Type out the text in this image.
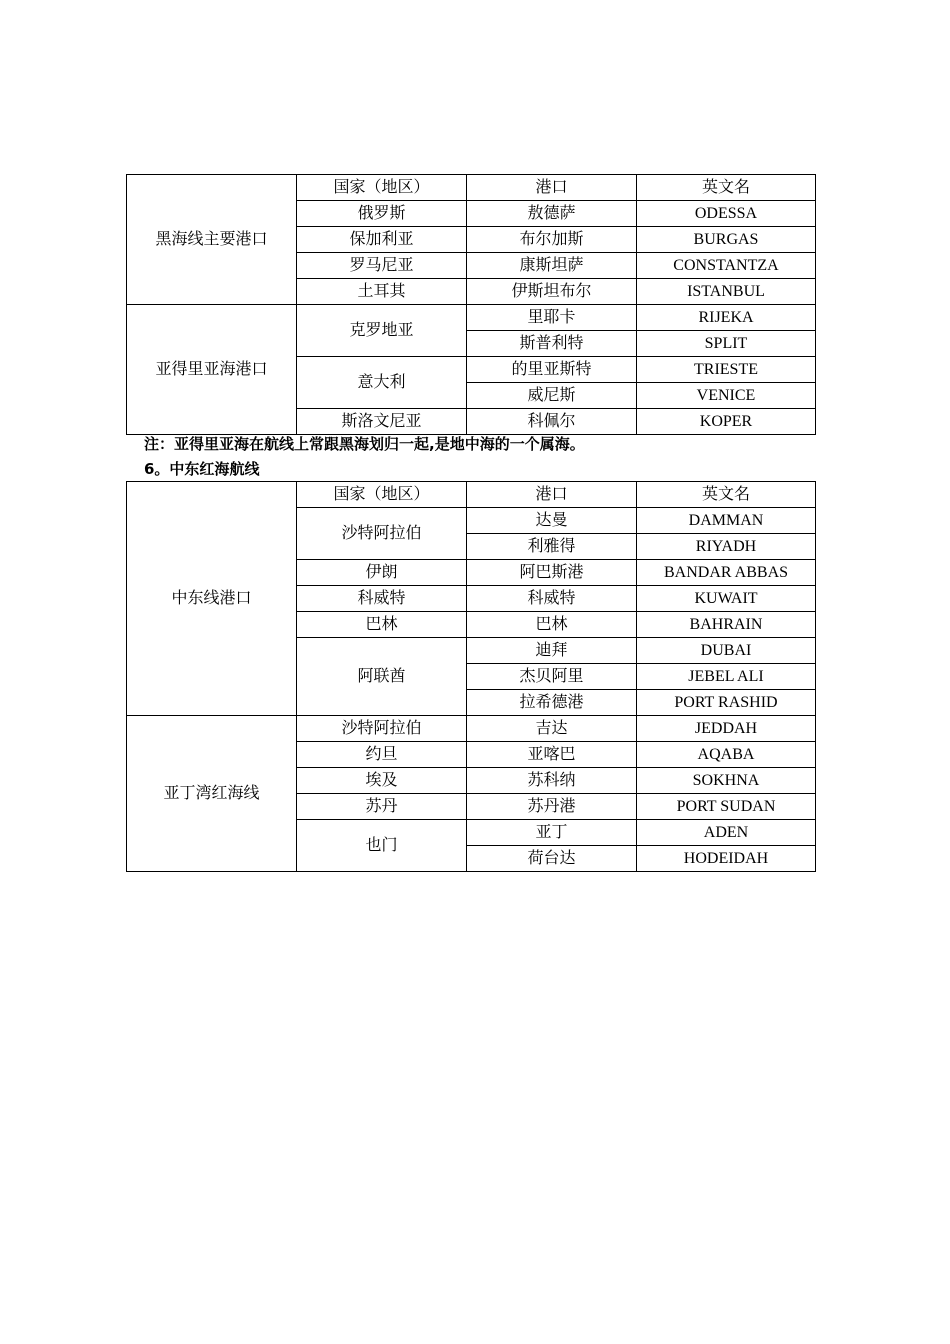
黑海线主要港口	国家（地区）	港口	英文名
	俄罗斯	敖德萨	ODESSA
	保加利亚	布尔加斯	BURGAS
	罗马尼亚	康斯坦萨	CONSTANTZA
	土耳其	伊斯坦布尔	ISTANBUL
亚得里亚海港口	克罗地亚	里耶卡	RIJEKA
		斯普利特	SPLIT
	意大利	的里亚斯特	TRIESTE
		威尼斯	VENICE
	斯洛文尼亚	科佩尔	KOPER
注：亚得里亚海在航线上常跟黑海划归一起,是地中海的一个属海。
6。中东红海航线
中东线港口	国家（地区）	港口	英文名
	沙特阿拉伯	达曼	DAMMAN
		利雅得	RIYADH
	伊朗	阿巴斯港	BANDAR ABBAS
	科威特	科威特	KUWAIT
	巴林	巴林	BAHRAIN
	阿联酋	迪拜	DUBAI
		杰贝阿里	JEBEL ALI
		拉希德港	PORT RASHID
亚丁湾红海线	沙特阿拉伯	吉达	JEDDAH
	约旦	亚喀巴	AQABA
	埃及	苏科纳	SOKHNA
	苏丹	苏丹港	PORT SUDAN
	也门	亚丁	ADEN
		荷台达	HODEIDAH
